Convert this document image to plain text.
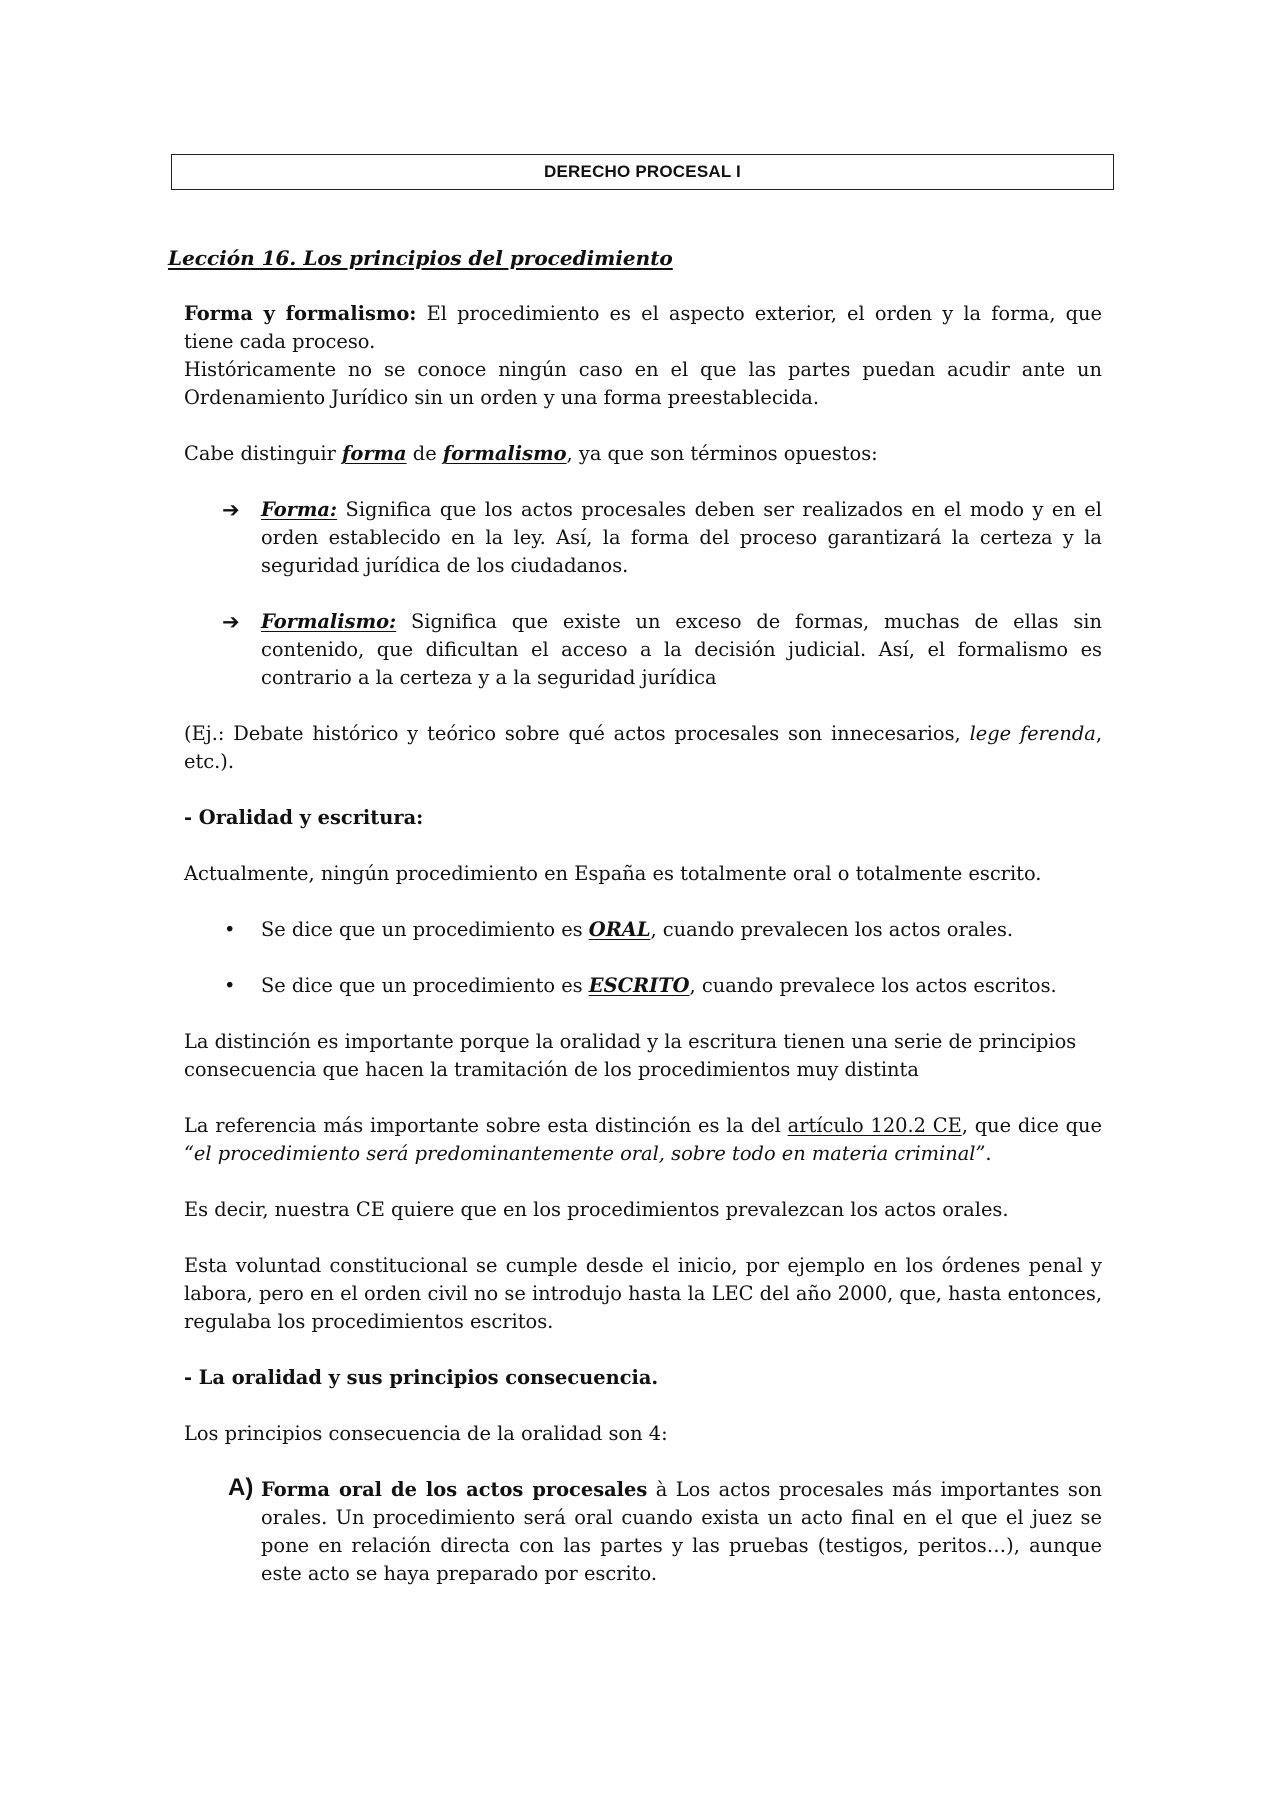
DERECHO PROCESAL I
Lección 16. Los principios del procedimiento

Forma y formalismo: El procedimiento es el aspecto exterior, el orden y la forma, que tiene cada proceso.
Históricamente no se conoce ningún caso en el que las partes puedan acudir ante un Ordenamiento Jurídico sin un orden y una forma preestablecida.

Cabe distinguir forma de formalismo, ya que son términos opuestos:

➔ Forma: Significa que los actos procesales deben ser realizados en el modo y en el orden establecido en la ley. Así, la forma del proceso garantizará la certeza y la seguridad jurídica de los ciudadanos.

➔ Formalismo: Significa que existe un exceso de formas, muchas de ellas sin contenido, que dificultan el acceso a la decisión judicial. Así, el formalismo es contrario a la certeza y a la seguridad jurídica

(Ej.: Debate histórico y teórico sobre qué actos procesales son innecesarios, lege ferenda, etc.).

- Oralidad y escritura:

Actualmente, ningún procedimiento en España es totalmente oral o totalmente escrito.

• Se dice que un procedimiento es ORAL, cuando prevalecen los actos orales.

• Se dice que un procedimiento es ESCRITO, cuando prevalece los actos escritos.

La distinción es importante porque la oralidad y la escritura tienen una serie de principios consecuencia que hacen la tramitación de los procedimientos muy distinta

La referencia más importante sobre esta distinción es la del artículo 120.2 CE, que dice que “el procedimiento será predominantemente oral, sobre todo en materia criminal”.

Es decir, nuestra CE quiere que en los procedimientos prevalezcan los actos orales.

Esta voluntad constitucional se cumple desde el inicio, por ejemplo en los órdenes penal y labora, pero en el orden civil no se introdujo hasta la LEC del año 2000, que, hasta entonces, regulaba los procedimientos escritos.

- La oralidad y sus principios consecuencia.

Los principios consecuencia de la oralidad son 4:

A) Forma oral de los actos procesales à Los actos procesales más importantes son orales. Un procedimiento será oral cuando exista un acto final en el que el juez se pone en relación directa con las partes y las pruebas (testigos, peritos…), aunque este acto se haya preparado por escrito.
